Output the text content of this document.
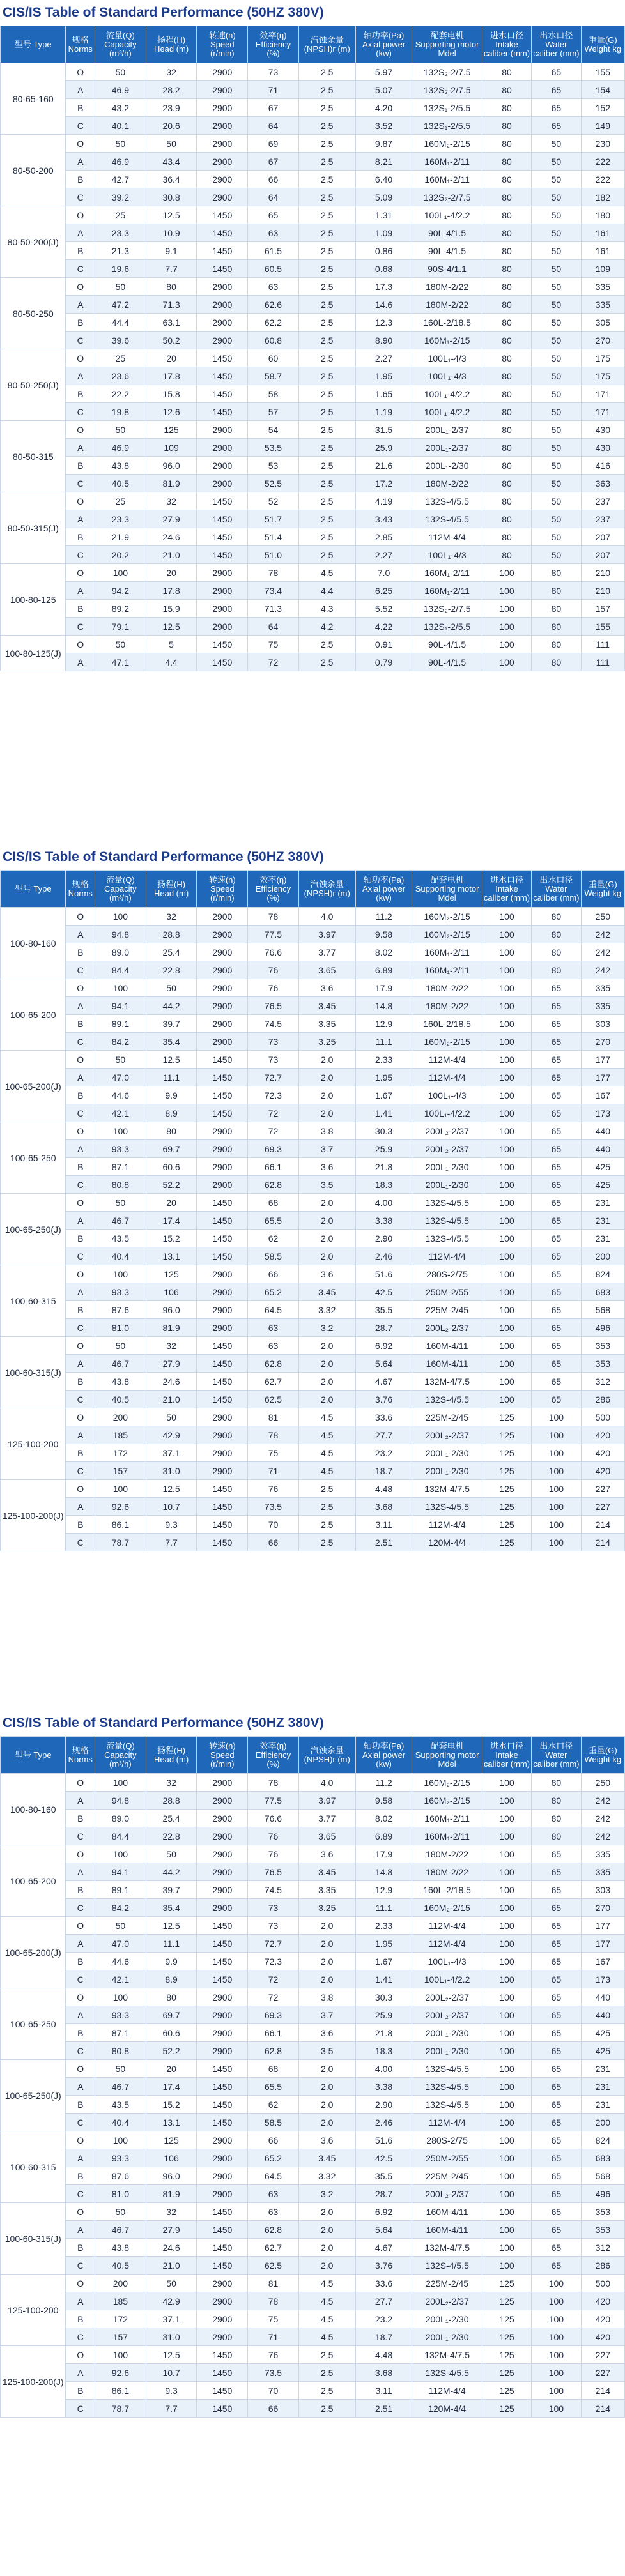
CIS/IS Table of Standard Performance (50HZ 380V)
型号 Type	规格 Norms	流量(Q) Capacity (m³/h)	扬程(H) Head (m)	转速(n) Speed (r/min)	效率(η) Efficiency (%)	汽蚀余量 (NPSH)r (m)	轴功率(Pa) Axial power (kw)	配套电机 Supporting motor Mdel	进水口径 Intake caliber (mm)	出水口径 Water caliber (mm)	重量(G) Weight kg
80-65-160	O	50	32	2900	73	2.5	5.97	132S₂-2/7.5	80	65	155
	A	46.9	28.2	2900	71	2.5	5.07	132S₂-2/7.5	80	65	154
	B	43.2	23.9	2900	67	2.5	4.20	132S₁-2/5.5	80	65	152
	C	40.1	20.6	2900	64	2.5	3.52	132S₁-2/5.5	80	65	149
80-50-200	O	50	50	2900	69	2.5	9.87	160M₂-2/15	80	50	230
	A	46.9	43.4	2900	67	2.5	8.21	160M₁-2/11	80	50	222
	B	42.7	36.4	2900	66	2.5	6.40	160M₁-2/11	80	50	222
	C	39.2	30.8	2900	64	2.5	5.09	132S₂-2/7.5	80	50	182
80-50-200(J)	O	25	12.5	1450	65	2.5	1.31	100L₁-4/2.2	80	50	180
	A	23.3	10.9	1450	63	2.5	1.09	90L-4/1.5	80	50	161
	B	21.3	9.1	1450	61.5	2.5	0.86	90L-4/1.5	80	50	161
	C	19.6	7.7	1450	60.5	2.5	0.68	90S-4/1.1	80	50	109
80-50-250	O	50	80	2900	63	2.5	17.3	180M-2/22	80	50	335
	A	47.2	71.3	2900	62.6	2.5	14.6	180M-2/22	80	50	335
	B	44.4	63.1	2900	62.2	2.5	12.3	160L-2/18.5	80	50	305
	C	39.6	50.2	2900	60.8	2.5	8.90	160M₁-2/15	80	50	270
80-50-250(J)	O	25	20	1450	60	2.5	2.27	100L₁-4/3	80	50	175
	A	23.6	17.8	1450	58.7	2.5	1.95	100L₁-4/3	80	50	175
	B	22.2	15.8	1450	58	2.5	1.65	100L₁-4/2.2	80	50	171
	C	19.8	12.6	1450	57	2.5	1.19	100L₁-4/2.2	80	50	171
80-50-315	O	50	125	2900	54	2.5	31.5	200L₁-2/37	80	50	430
	A	46.9	109	2900	53.5	2.5	25.9	200L₁-2/37	80	50	430
	B	43.8	96.0	2900	53	2.5	21.6	200L₁-2/30	80	50	416
	C	40.5	81.9	2900	52.5	2.5	17.2	180M-2/22	80	50	363
80-50-315(J)	O	25	32	1450	52	2.5	4.19	132S-4/5.5	80	50	237
	A	23.3	27.9	1450	51.7	2.5	3.43	132S-4/5.5	80	50	237
	B	21.9	24.6	1450	51.4	2.5	2.85	112M-4/4	80	50	207
	C	20.2	21.0	1450	51.0	2.5	2.27	100L₁-4/3	80	50	207
100-80-125	O	100	20	2900	78	4.5	7.0	160M₁-2/11	100	80	210
	A	94.2	17.8	2900	73.4	4.4	6.25	160M₁-2/11	100	80	210
	B	89.2	15.9	2900	71.3	4.3	5.52	132S₂-2/7.5	100	80	157
	C	79.1	12.5	2900	64	4.2	4.22	132S₁-2/5.5	100	80	155
100-80-125(J)	O	50	5	1450	75	2.5	0.91	90L-4/1.5	100	80	111
	A	47.1	4.4	1450	72	2.5	0.79	90L-4/1.5	100	80	111
CIS/IS Table of Standard Performance (50HZ 380V)
型号 Type	规格 Norms	流量(Q) Capacity (m³/h)	扬程(H) Head (m)	转速(n) Speed (r/min)	效率(η) Efficiency (%)	汽蚀余量 (NPSH)r (m)	轴功率(Pa) Axial power (kw)	配套电机 Supporting motor Mdel	进水口径 Intake caliber (mm)	出水口径 Water caliber (mm)	重量(G) Weight kg
100-80-160	O	100	32	2900	78	4.0	11.2	160M₂-2/15	100	80	250
	A	94.8	28.8	2900	77.5	3.97	9.58	160M₂-2/15	100	80	242
	B	89.0	25.4	2900	76.6	3.77	8.02	160M₁-2/11	100	80	242
	C	84.4	22.8	2900	76	3.65	6.89	160M₁-2/11	100	80	242
100-65-200	O	100	50	2900	76	3.6	17.9	180M-2/22	100	65	335
	A	94.1	44.2	2900	76.5	3.45	14.8	180M-2/22	100	65	335
	B	89.1	39.7	2900	74.5	3.35	12.9	160L-2/18.5	100	65	303
	C	84.2	35.4	2900	73	3.25	11.1	160M₂-2/15	100	65	270
100-65-200(J)	O	50	12.5	1450	73	2.0	2.33	112M-4/4	100	65	177
	A	47.0	11.1	1450	72.7	2.0	1.95	112M-4/4	100	65	177
	B	44.6	9.9	1450	72.3	2.0	1.67	100L₁-4/3	100	65	167
	C	42.1	8.9	1450	72	2.0	1.41	100L₁-4/2.2	100	65	173
100-65-250	O	100	80	2900	72	3.8	30.3	200L₂-2/37	100	65	440
	A	93.3	69.7	2900	69.3	3.7	25.9	200L₂-2/37	100	65	440
	B	87.1	60.6	2900	66.1	3.6	21.8	200L₁-2/30	100	65	425
	C	80.8	52.2	2900	62.8	3.5	18.3	200L₁-2/30	100	65	425
100-65-250(J)	O	50	20	1450	68	2.0	4.00	132S-4/5.5	100	65	231
	A	46.7	17.4	1450	65.5	2.0	3.38	132S-4/5.5	100	65	231
	B	43.5	15.2	1450	62	2.0	2.90	132S-4/5.5	100	65	231
	C	40.4	13.1	1450	58.5	2.0	2.46	112M-4/4	100	65	200
100-60-315	O	100	125	2900	66	3.6	51.6	280S-2/75	100	65	824
	A	93.3	106	2900	65.2	3.45	42.5	250M-2/55	100	65	683
	B	87.6	96.0	2900	64.5	3.32	35.5	225M-2/45	100	65	568
	C	81.0	81.9	2900	63	3.2	28.7	200L₂-2/37	100	65	496
100-60-315(J)	O	50	32	1450	63	2.0	6.92	160M-4/11	100	65	353
	A	46.7	27.9	1450	62.8	2.0	5.64	160M-4/11	100	65	353
	B	43.8	24.6	1450	62.7	2.0	4.67	132M-4/7.5	100	65	312
	C	40.5	21.0	1450	62.5	2.0	3.76	132S-4/5.5	100	65	286
125-100-200	O	200	50	2900	81	4.5	33.6	225M-2/45	125	100	500
	A	185	42.9	2900	78	4.5	27.7	200L₂-2/37	125	100	420
	B	172	37.1	2900	75	4.5	23.2	200L₁-2/30	125	100	420
	C	157	31.0	2900	71	4.5	18.7	200L₁-2/30	125	100	420
125-100-200(J)	O	100	12.5	1450	76	2.5	4.48	132M-4/7.5	125	100	227
	A	92.6	10.7	1450	73.5	2.5	3.68	132S-4/5.5	125	100	227
	B	86.1	9.3	1450	70	2.5	3.11	112M-4/4	125	100	214
	C	78.7	7.7	1450	66	2.5	2.51	120M-4/4	125	100	214
CIS/IS Table of Standard Performance (50HZ 380V)
型号 Type	规格 Norms	流量(Q) Capacity (m³/h)	扬程(H) Head (m)	转速(n) Speed (r/min)	效率(η) Efficiency (%)	汽蚀余量 (NPSH)r (m)	轴功率(Pa) Axial power (kw)	配套电机 Supporting motor Mdel	进水口径 Intake caliber (mm)	出水口径 Water caliber (mm)	重量(G) Weight kg
100-80-160	O	100	32	2900	78	4.0	11.2	160M₂-2/15	100	80	250
	A	94.8	28.8	2900	77.5	3.97	9.58	160M₂-2/15	100	80	242
	B	89.0	25.4	2900	76.6	3.77	8.02	160M₁-2/11	100	80	242
	C	84.4	22.8	2900	76	3.65	6.89	160M₁-2/11	100	80	242
100-65-200	O	100	50	2900	76	3.6	17.9	180M-2/22	100	65	335
	A	94.1	44.2	2900	76.5	3.45	14.8	180M-2/22	100	65	335
	B	89.1	39.7	2900	74.5	3.35	12.9	160L-2/18.5	100	65	303
	C	84.2	35.4	2900	73	3.25	11.1	160M₂-2/15	100	65	270
100-65-200(J)	O	50	12.5	1450	73	2.0	2.33	112M-4/4	100	65	177
	A	47.0	11.1	1450	72.7	2.0	1.95	112M-4/4	100	65	177
	B	44.6	9.9	1450	72.3	2.0	1.67	100L₁-4/3	100	65	167
	C	42.1	8.9	1450	72	2.0	1.41	100L₁-4/2.2	100	65	173
100-65-250	O	100	80	2900	72	3.8	30.3	200L₂-2/37	100	65	440
	A	93.3	69.7	2900	69.3	3.7	25.9	200L₂-2/37	100	65	440
	B	87.1	60.6	2900	66.1	3.6	21.8	200L₁-2/30	100	65	425
	C	80.8	52.2	2900	62.8	3.5	18.3	200L₁-2/30	100	65	425
100-65-250(J)	O	50	20	1450	68	2.0	4.00	132S-4/5.5	100	65	231
	A	46.7	17.4	1450	65.5	2.0	3.38	132S-4/5.5	100	65	231
	B	43.5	15.2	1450	62	2.0	2.90	132S-4/5.5	100	65	231
	C	40.4	13.1	1450	58.5	2.0	2.46	112M-4/4	100	65	200
100-60-315	O	100	125	2900	66	3.6	51.6	280S-2/75	100	65	824
	A	93.3	106	2900	65.2	3.45	42.5	250M-2/55	100	65	683
	B	87.6	96.0	2900	64.5	3.32	35.5	225M-2/45	100	65	568
	C	81.0	81.9	2900	63	3.2	28.7	200L₂-2/37	100	65	496
100-60-315(J)	O	50	32	1450	63	2.0	6.92	160M-4/11	100	65	353
	A	46.7	27.9	1450	62.8	2.0	5.64	160M-4/11	100	65	353
	B	43.8	24.6	1450	62.7	2.0	4.67	132M-4/7.5	100	65	312
	C	40.5	21.0	1450	62.5	2.0	3.76	132S-4/5.5	100	65	286
125-100-200	O	200	50	2900	81	4.5	33.6	225M-2/45	125	100	500
	A	185	42.9	2900	78	4.5	27.7	200L₂-2/37	125	100	420
	B	172	37.1	2900	75	4.5	23.2	200L₁-2/30	125	100	420
	C	157	31.0	2900	71	4.5	18.7	200L₁-2/30	125	100	420
125-100-200(J)	O	100	12.5	1450	76	2.5	4.48	132M-4/7.5	125	100	227
	A	92.6	10.7	1450	73.5	2.5	3.68	132S-4/5.5	125	100	227
	B	86.1	9.3	1450	70	2.5	3.11	112M-4/4	125	100	214
	C	78.7	7.7	1450	66	2.5	2.51	120M-4/4	125	100	214
